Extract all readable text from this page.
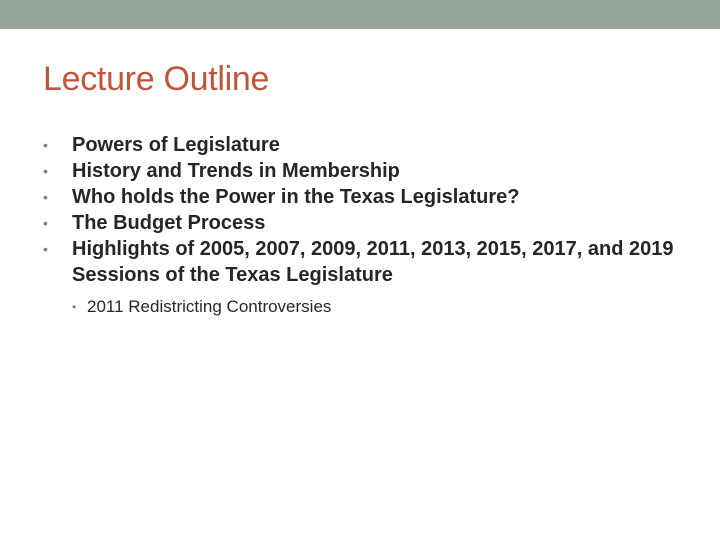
Lecture Outline
• Powers of Legislature
• History and Trends in Membership
• Who holds the Power in the Texas Legislature?
• The Budget Process
• Highlights of 2005, 2007, 2009, 2011, 2013, 2015, 2017, and 2019 Sessions of the Texas Legislature
• 2011 Redistricting Controversies
